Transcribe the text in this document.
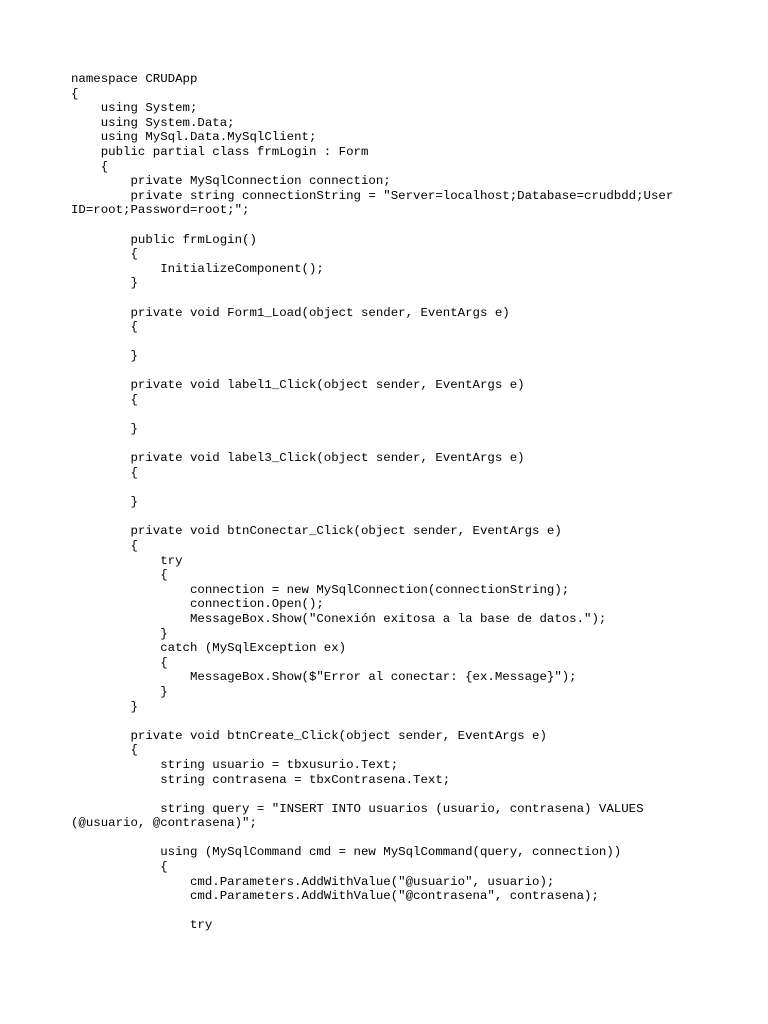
namespace CRUDApp
{
using System;
using System.Data;
using MySql.Data.MySqlClient;
public partial class frmLogin : Form
{
private MySqlConnection connection;
private string connectionString = "Server=localhost;Database=crudbdd;User
ID=root;Password=root;";
public frmLogin()
{
InitializeComponent();
}
private void Form1_Load(object sender, EventArgs e)
{
}
private void label1_Click(object sender, EventArgs e)
{
}
private void label3_Click(object sender, EventArgs e)
{
}
private void btnConectar_Click(object sender, EventArgs e)
{
try
{
connection = new MySqlConnection(connectionString);
connection.Open();
MessageBox.Show("Conexión exitosa a la base de datos.");
}
catch (MySqlException ex)
{
MessageBox.Show($"Error al conectar: {ex.Message}");
}
}
private void btnCreate_Click(object sender, EventArgs e)
{
string usuario = tbxusurio.Text;
string contrasena = tbxContrasena.Text;
string query = "INSERT INTO usuarios (usuario, contrasena) VALUES
(@usuario, @contrasena)";
using (MySqlCommand cmd = new MySqlCommand(query, connection))
{
cmd.Parameters.AddWithValue("@usuario", usuario);
cmd.Parameters.AddWithValue("@contrasena", contrasena);
try
